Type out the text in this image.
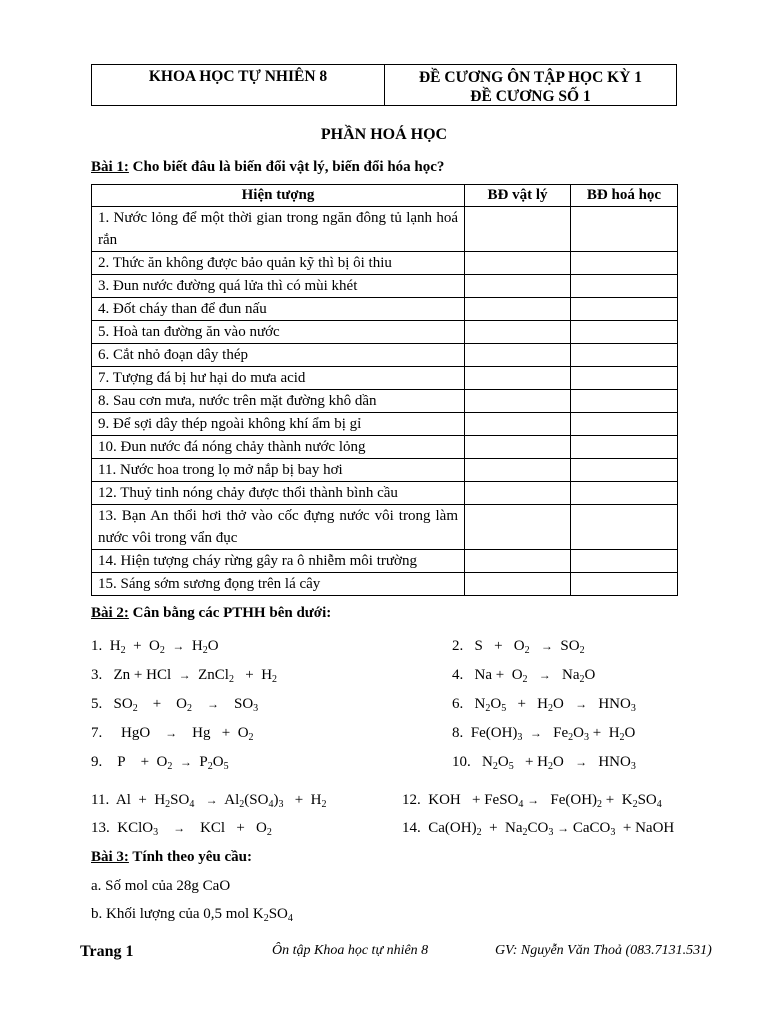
KHOA HỌC TỰ NHIÊN 8	ĐỀ CƯƠNG ÔN TẬP HỌC KỲ 1
ĐỀ CƯƠNG SỐ 1
PHẦN HOÁ HỌC
Bài 1: Cho biết đâu là biến đổi vật lý, biến đổi hóa học?
Hiện tượng	BĐ vật lý	BĐ hoá học
1. Nước lỏng để một thời gian trong ngăn đông tủ lạnh hoá rắn		
2. Thức ăn không được bảo quản kỹ thì bị ôi thiu		
3. Đun nước đường quá lửa thì có mùi khét		
4. Đốt cháy than để đun nấu		
5. Hoà tan đường ăn vào nước		
6. Cắt nhỏ đoạn dây thép		
7. Tượng đá bị hư hại do mưa acid		
8. Sau cơn mưa, nước trên mặt đường khô dần		
9. Để sợi dây thép ngoài không khí ẩm bị gỉ		
10. Đun nước đá nóng chảy thành nước lỏng		
11. Nước hoa trong lọ mở nắp bị bay hơi		
12. Thuỷ tinh nóng chảy được thổi thành bình cầu		
13. Bạn An thổi hơi thở vào cốc đựng nước vôi trong làm nước vôi trong vẩn đục		
14. Hiện tượng cháy rừng gây ra ô nhiễm môi trường		
15. Sáng sớm sương đọng trên lá cây		
Bài 2: Cân bằng các PTHH bên dưới:
1.  $H_2 + O_2 \to H_2O$	2.   $S + O_2 \to SO_2$
3.   Zn + HCl  →  ZnCl$_2$   +  $H_2$	4.   $Na + O_2 \to Na_2O$
5.   $SO_2$    +    $O_2$ →    $SO_3$	6.   $N_2O_5 + H_2O \to HNO_3$
7.     HgO    →    $Hg + O_2$	8.  $Fe(OH)_3 \to Fe_2O_3 + H_2O$
9.    P    +  $O_2 \to P_2O_5$	10.   $N_2O_5 + H_2O \to HNO_3$
11.  $Al + H_2SO_4 \to Al_2(SO_4)_3 + H_2$	12.  KOH   + FeSO$_4$ →   $Fe(OH)_2 + K_2SO_4$
13.  KClO$_3$ →    KCl   +   $O_2$	14.  $Ca(OH)_2 + Na_2CO_3$ → CaCO$_3$  + NaOH
Bài 3: Tính theo yêu cầu:
a. Số mol của 28g CaO
b. Khối lượng của 0,5 mol $K_2SO_4$
Trang 1	Ôn tập Khoa học tự nhiên 8	GV: Nguyễn Văn Thoả (083.7131.531)
